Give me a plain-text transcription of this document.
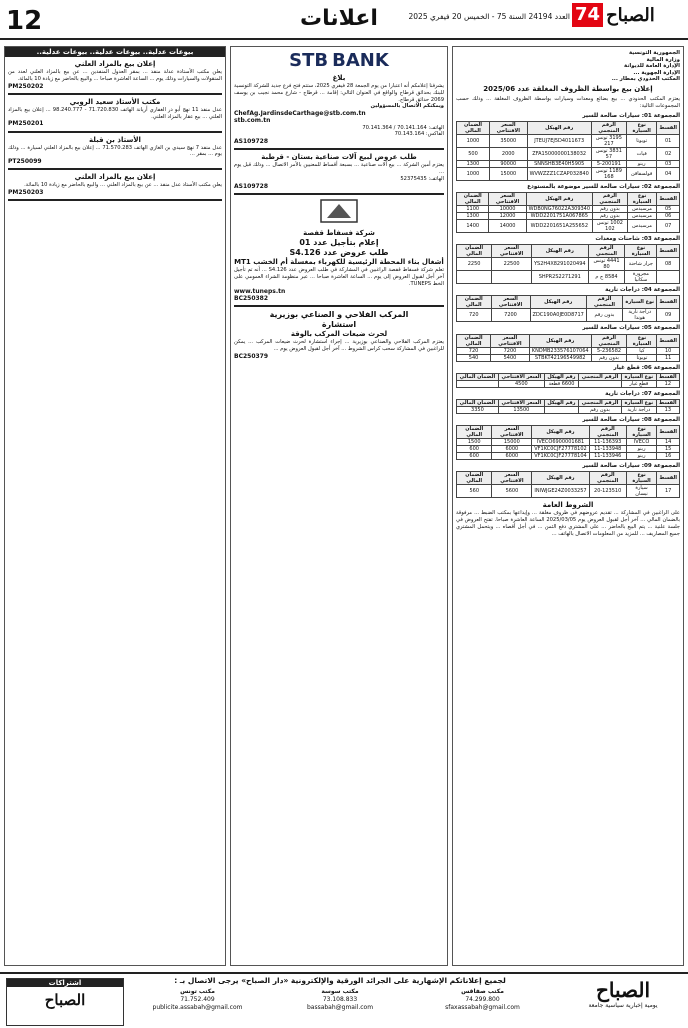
12	اعلانات	العدد 24194 السنة 75 - الخميس 20 فيفري 2025 74 الصباح
بيوعات عدلية.. بيوعات عدلية.. بيوعات عدلية..
إعلان بيع بالمزاد العلني
يعلن مكتب الأستاذة عدلة منفذ ... بمقر العدول المنفذين ... عن بيع بالمزاد العلني لعدد من المنقولات والسيارات وذلك يوم ... الساعة العاشرة صباحا ... والبيع بالحاضر مع زيادة 10 بالمائة.
PM250202
مكتب الأستاذ سعيد الروبي
عدل منفذ 11 نهج أبو ذر الغفاري أريانة الهاتف 71.720.830 - 98.240.777 ... إعلان بيع بالمزاد العلني ... بيع عقار بالمزاد العلني.
PM250201
الأستاذ بن قبلة
عدل منفذ 7 نهج سيدي بن الغازي الهاتف 71.570.283 ... إعلان بيع بالمزاد العلني لسيارة ... وذلك يوم ... بمقر ...
PT250099
إعلان بيع بالمزاد العلني
يعلن مكتب الأستاذ عدل منفذ ... عن بيع بالمزاد العلني ... والبيع بالحاضر مع زيادة 10 بالمائة.
PM250203
STB BANK
بلاغ
يشرفنا إعلامكم أنه اعتبارا من يوم الجمعة 28 فيفري 2025، ستتم فتح فرع جديد للشركة التونسية للبنك بحدائق قرطاج والواقع في العنوان التالي: إقامة ... قرطاج - شارع محمد نجيب بن يوسف 2069 حدائق قرطاج.
ويمكنكم الاتصال بالمسؤولين
ChefAg.JardinsdeCarthage@stb.com.tn
stb.com.tn
الهاتف: 70.141.164 / 70.141.364
الفاكس: 70.143.164
AS109728
طلب عروض لبيع آلات صناعية بستان - قرطبة
يعتزم أمين الشركة ... بيع آلات صناعية ... بسبعة أقساط للمعنيين بالأمر الاتصال ... وذلك قبل يوم ...
الهاتف: 52375435
AS109728
شركة فسفاط قفصة
إعلام بتأجيل عدد 01
طلب عروض عدد S4.126
أشغال بناء المحطة الرئيسية للكهرباء بمغسلة أم الخشب MT1
تعلم شركة فسفاط قفصة الراغبين في المشاركة في طلب العروض عدد S4.126 ... أنه تم تأجيل آخر أجل لقبول العروض إلى يوم ... الساعة العاشرة صباحا ... عبر منظومة الشراء العمومي على الخط TUNEPS.
www.tuneps.tn
BC250382
المركب الفلاحي و الصناعي بوزيرية
استشارة
لحرث ضيعات المركب بالوقة
يعتزم المركب الفلاحي والصناعي بوزيرية ... إجراء استشارة لحرث ضيعات المركب ... يمكن للراغبين في المشاركة سحب كراس الشروط ... آخر أجل لقبول العروض يوم ...
BC250379
الجمهورية التونسية
وزارة المالية
الإدارة العامة للديوانة
الإدارة الجهوية ...
المكتب الحدودي بمطار ...
إعلان بيع بواسطة الظروف المغلقة عدد 2025/06
يعتزم المكتب الحدودي ... بيع بضائع ومعدات وسيارات بواسطة الظروف المغلقة ... وذلك حسب المجموعات التالية:
المجموعة 01: سيارات صالحة للسير
القسط	نوع السيارة	الرقم المنجمي	رقم الهيكل	السعر الافتتاحي	الضمان المالي
01	تويوتا	3195 تونس 217	JTEUJ7EJ5D4011673	35000	1000
02	فيات	3831 تونس 57	ZFA15000000138032	2000	500
03	رينو	5-200191	SNNSHB3E40H5905	90000	1300
04	فولسفاقن	1189 تونس 168	WVWZZZ1CZAP032840	15000	1000
المجموعة 02: سيارات صالحة للسير موضوعة بالمستودع
القسط	نوع السيارة	الرقم المنجمي	رقم الهيكل	السعر الافتتاحي	الضمان المالي
05	مرسيدس	بدون رقم	WDB0NG76022A309340	10000	1100
06	مرسيدس	بدون رقم	WDD2201751A067865	12000	1300
07	مرسيدس	1002 تونس 102	WDD2201651A255652	14000	1400
المجموعة 03: شاحنات ومعدات
القسط	نوع السيارة	الرقم المنجمي	رقم الهيكل	السعر الافتتاحي	الضمان المالي
08	جرار شاحنة	4441 تونس 80	YS2H4X8291020494	22500	2250
	مجرورة سكانيا	8584 ج م	SHPR2S2271291		
المجموعة 04: دراجات نارية
القسط	نوع السيارة	الرقم المنجمي	رقم الهيكل	السعر الافتتاحي	الضمان المالي
09	دراجة نارية هوندا	بدون رقم	ZDC190A0JE0D8717	7200	720
المجموعة 05: سيارات صالحة للسير
القسط	نوع السيارة	الرقم المنجمي	رقم الهيكل	السعر الافتتاحي	الضمان المالي
10	كيا	5-236582	KNDMB233576107064	7200	720
11	تويوتا	بدون رقم	STBKT42196549982	5400	540
المجموعة 06: قطع غيار
القسط	نوع السيارة	الرقم المنجمي	رقم الهيكل	السعر الافتتاحي	الضمان المالي
12	قطع غيار		6600 قطعة	4500	
المجموعة 07: دراجات نارية
القسط	نوع السيارة	الرقم المنجمي	رقم الهيكل	السعر الافتتاحي	الضمان المالي
13	دراجة نارية	بدون رقم		13500	3350
المجموعة 08: سيارات صالحة للسير
القسط	نوع السيارة	الرقم المنجمي	رقم الهيكل	السعر الافتتاحي	الضمان المالي
14	IVECO	11-136393	IVECO6900001681	15000	1500
15	رينو	11-133948	VF1KC0CJF27778102	6000	600
16	رينو	11-133946	VF1KC0CJF27778104	6000	600
المجموعة 09: سيارات صالحة للسير
القسط	نوع السيارة	الرقم المنجمي	رقم الهيكل	السعر الافتتاحي	الضمان المالي
17	سيارة نيسان	20-123510	INIWJGE24Z0033257	5600	560
الشروط العامة
على الراغبين في المشاركة ... تقديم عروضهم في ظروف مغلقة ... وإيداعها بمكتب الضبط ... مرفوقة بالضمان المالي ... آخر أجل لقبول العروض يوم 2025/03/05 الساعة العاشرة صباحا. تفتح العروض في جلسة علنية ... يتم البيع بالحاضر ... على المشتري دفع الثمن ... في أجل أقصاه ... ويتحمل المشتري جميع المصاريف ... للمزيد من المعلومات الاتصال بالهاتف ...
لجميع إعلاناتكم الإشهارية على الجرائد الورقية والإلكترونية «دار الصباح» يرجى الاتصال بـ :
مكتب صفاقس
74.299.800
sfaxassabah@gmail.com
مكتب سوسة
73.108.833
bassabah@gmail.com
مكتب تونس
71.752.409
publicite.assabah@gmail.com
الصباح
يومية إخبارية سياسية جامعة
اشتراكات
الصباح
